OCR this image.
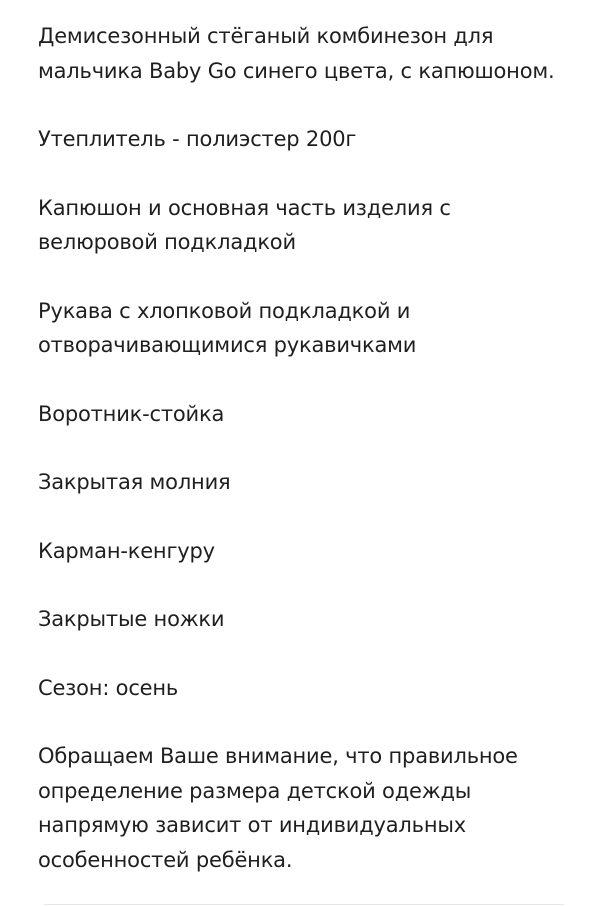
Демисезонный стёганый комбинезон для
мальчика Baby Go синего цвета, с капюшоном.

Утеплитель - полиэстер 200г

Капюшон и основная часть изделия с
велюровой подкладкой

Рукава с хлопковой подкладкой и
отворачивающимися рукавичками

Воротник-стойка

Закрытая молния

Карман-кенгуру

Закрытые ножки

Сезон: осень

Обращаем Ваше внимание, что правильное
определение размера детской одежды
напрямую зависит от индивидуальных
особенностей ребёнка.
